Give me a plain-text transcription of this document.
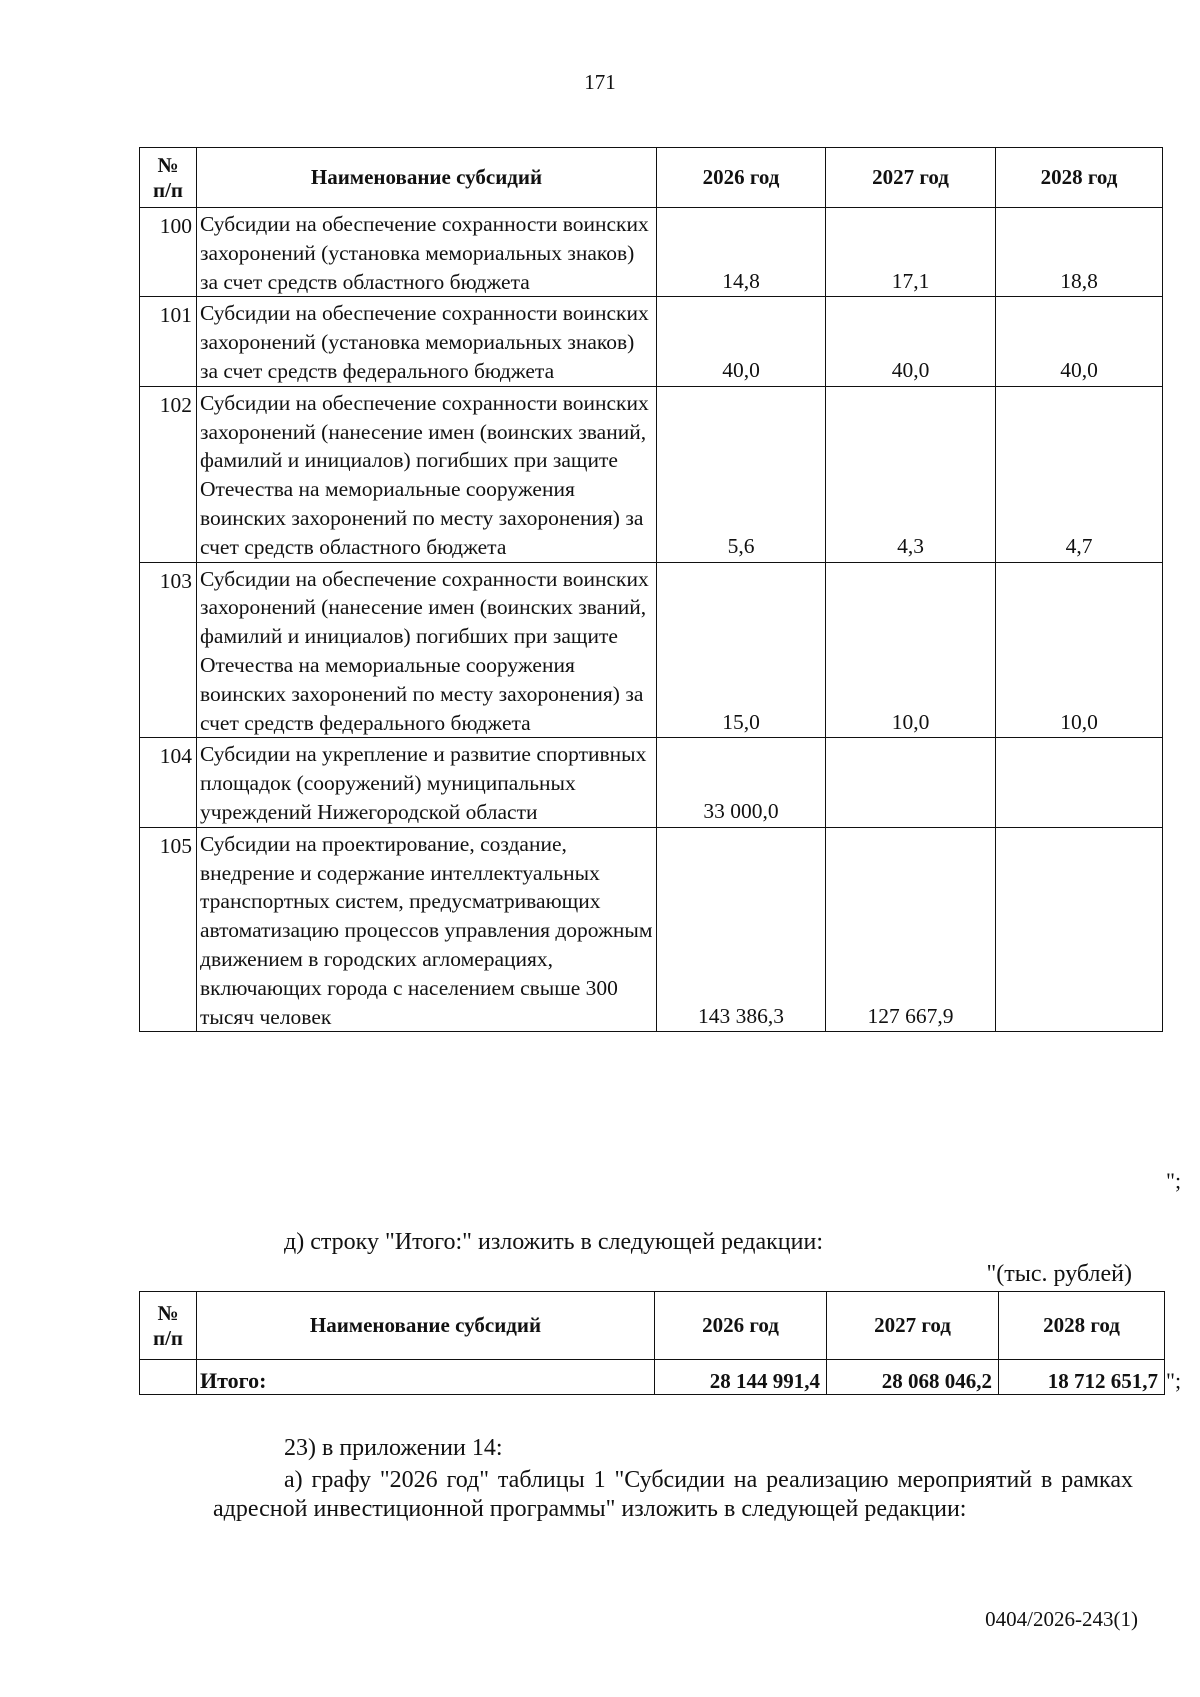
171
№
п/п	Наименование субсидий	2026 год	2027 год	2028 год
100	Субсидии на обеспечение сохранности воинских захоронений (установка мемориальных знаков) за счет средств областного бюджета	14,8	17,1	18,8
101	Субсидии на обеспечение сохранности воинских захоронений (установка мемориальных знаков) за счет средств федерального бюджета	40,0	40,0	40,0
102	Субсидии на обеспечение сохранности воинских захоронений (нанесение имен (воинских званий, фамилий и инициалов) погибших при защите Отечества на мемориальные сооружения воинских захоронений по месту захоронения) за счет средств областного бюджета	5,6	4,3	4,7
103	Субсидии на обеспечение сохранности воинских захоронений (нанесение имен (воинских званий, фамилий и инициалов) погибших при защите Отечества на мемориальные сооружения воинских захоронений по месту захоронения) за счет средств федерального бюджета	15,0	10,0	10,0
104	Субсидии на укрепление и развитие спортивных площадок (сооружений) муниципальных учреждений Нижегородской области	33 000,0		
105	Субсидии на проектирование, создание, внедрение и содержание интеллектуальных транспортных систем, предусматривающих автоматизацию процессов управления дорожным движением в городских агломерациях, включающих города с населением свыше 300 тысяч человек	143 386,3	127 667,9	
";
д) строку "Итого:" изложить в следующей редакции:
"(тыс. рублей)
№
п/п	Наименование субсидий	2026 год	2027 год	2028 год
	Итого:	28 144 991,4	28 068 046,2	18 712 651,7 ";
23) в приложении 14:
а) графу "2026 год" таблицы 1 "Субсидии на реализацию мероприятий в рамках адресной инвестиционной программы" изложить в следующей редакции:
0404/2026-243(1)
